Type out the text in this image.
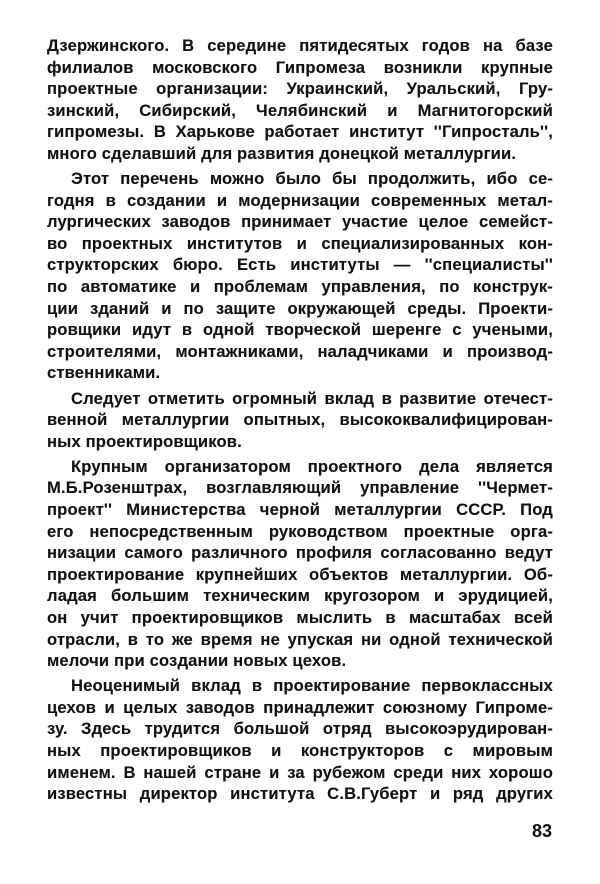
Дзержинского. В середине пятидесятых годов на базе
филиалов московского Гипромеза возникли крупные
проектные организации: Украинский, Уральский, Гру-
зинский, Сибирский, Челябинский и Магнитогорский
гипромезы. В Харькове работает институт ''Гипросталь'',
много сделавший для развития донецкой металлургии.
Этот перечень можно было бы продолжить, ибо се-
годня в создании и модернизации современных метал-
лургических заводов принимает участие целое семейст-
во проектных институтов и специализированных кон-
структорских бюро. Есть институты — ''специалисты''
по автоматике и проблемам управления, по конструк-
ции зданий и по защите окружающей среды. Проекти-
ровщики идут в одной творческой шеренге с учеными,
строителями, монтажниками, наладчиками и производ-
ственниками.
Следует отметить огромный вклад в развитие отечест-
венной металлургии опытных, высококвалифицирован-
ных проектировщиков.
Крупным организатором проектного дела является
М.Б.Розенштрах, возглавляющий управление ''Чермет-
проект'' Министерства черной металлургии СССР. Под
его непосредственным руководством проектные орга-
низации самого различного профиля согласованно ведут
проектирование крупнейших объектов металлургии. Об-
ладая большим техническим кругозором и эрудицией,
он учит проектировщиков мыслить в масштабах всей
отрасли, в то же время не упуская ни одной технической
мелочи при создании новых цехов.
Неоценимый вклад в проектирование первоклассных
цехов и целых заводов принадлежит союзному Гипроме-
зу. Здесь трудится большой отряд высокоэрудирован-
ных проектировщиков и конструкторов с мировым
именем. В нашей стране и за рубежом среди них хорошо
известны директор института С.В.Губерт и ряд других
83
